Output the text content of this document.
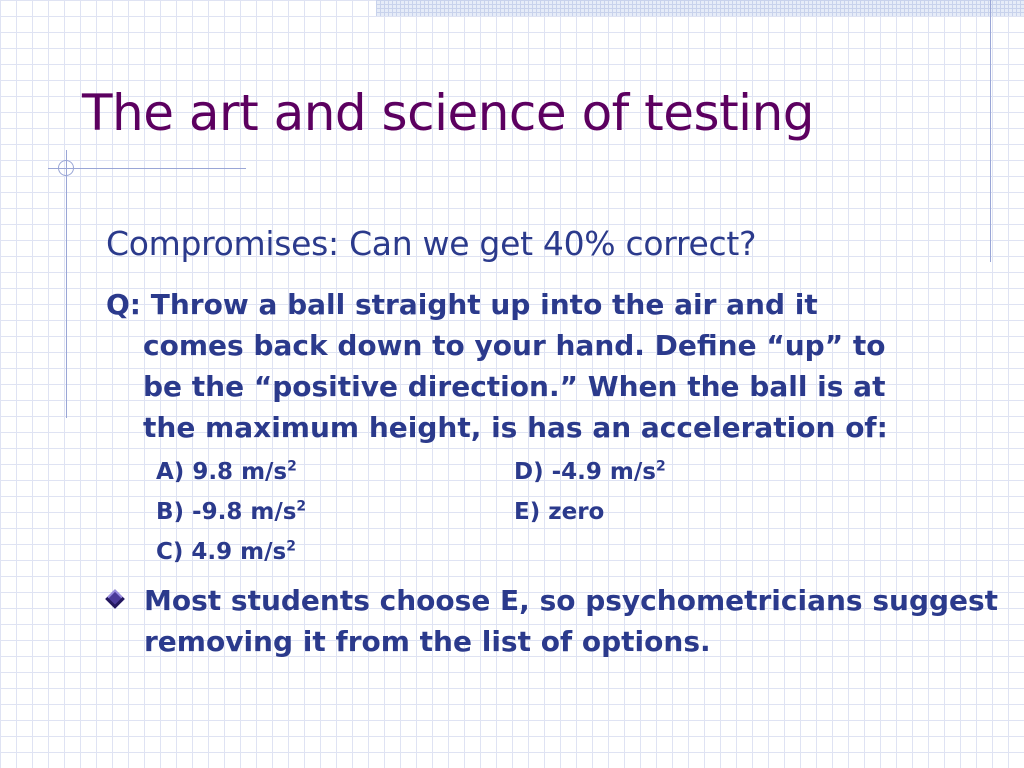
The art and science of testing
Compromises: Can we get 40% correct?
Q: Throw a ball straight up into the air and it
comes back down to your hand. Define “up” to
be the “positive direction.” When the ball is at
the maximum height, is has an acceleration of:
A) 9.8 $m/s^2$
B) -9.8 $m/s^2$
C) 4.9 $m/s^2$
D) -4.9 $m/s^2$
E) zero
Most students choose E, so psychometricians suggest removing it from the list of options.
